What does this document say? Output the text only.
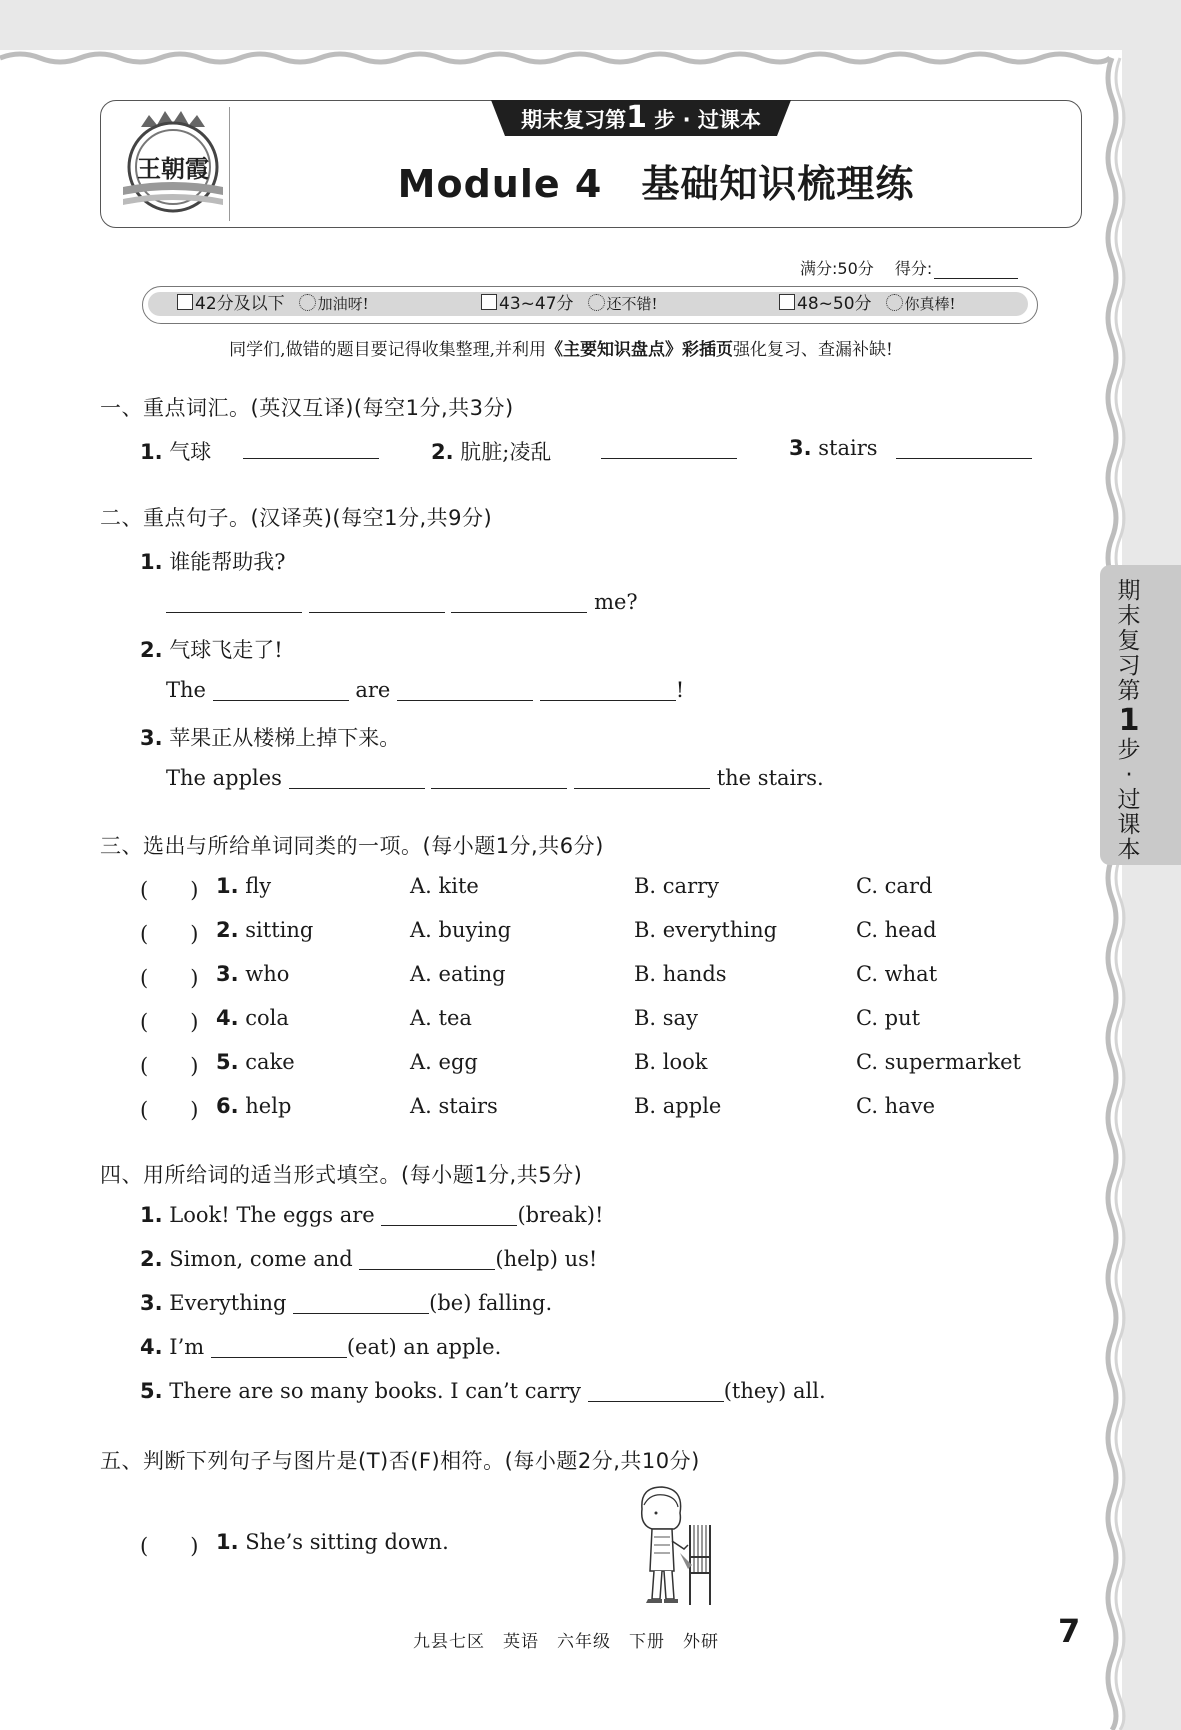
王朝霞
期末复习第1 步 · 过课本
Module 4　基础知识梳理练
满分:50分 得分:
42分及以下 加油呀!	43~47分 还不错!	48~50分 你真棒!
同学们,做错的题目要记得收集整理,并利用《主要知识盘点》彩插页强化复习、查漏补缺!
一、重点词汇。(英汉互译)(每空1分,共3分)
1. 气球	2. 肮脏;凌乱	3. stairs
二、重点句子。(汉译英)(每空1分,共9分)
1. 谁能帮助我?
me?
2. 气球飞走了!
The	are	!
3. 苹果正从楼梯上掉下来。
The apples	the stairs.
三、选出与所给单词同类的一项。(每小题1分,共6分)
(　　) 1. fly	A. kite	B. carry	C. card
(　　) 2. sitting	A. buying	B. everything	C. head
(　　) 3. who	A. eating	B. hands	C. what
(　　) 4. cola	A. tea	B. say	C. put
(　　) 5. cake	A. egg	B. look	C. supermarket
(　　) 6. help	A. stairs	B. apple	C. have
四、用所给词的适当形式填空。(每小题1分,共5分)
1. Look! The eggs are	(break)!
2. Simon, come and	(help) us!
3. Everything	(be) falling.
4. I’m	(eat) an apple.
5. There are so many books. I can’t carry	(they) all.
五、判断下列句子与图片是(T)否(F)相符。(每小题2分,共10分)
(　　) 1. She’s sitting down.
期末复习第
1
步·过课本
九县七区 英语 六年级 下册 外研	7
